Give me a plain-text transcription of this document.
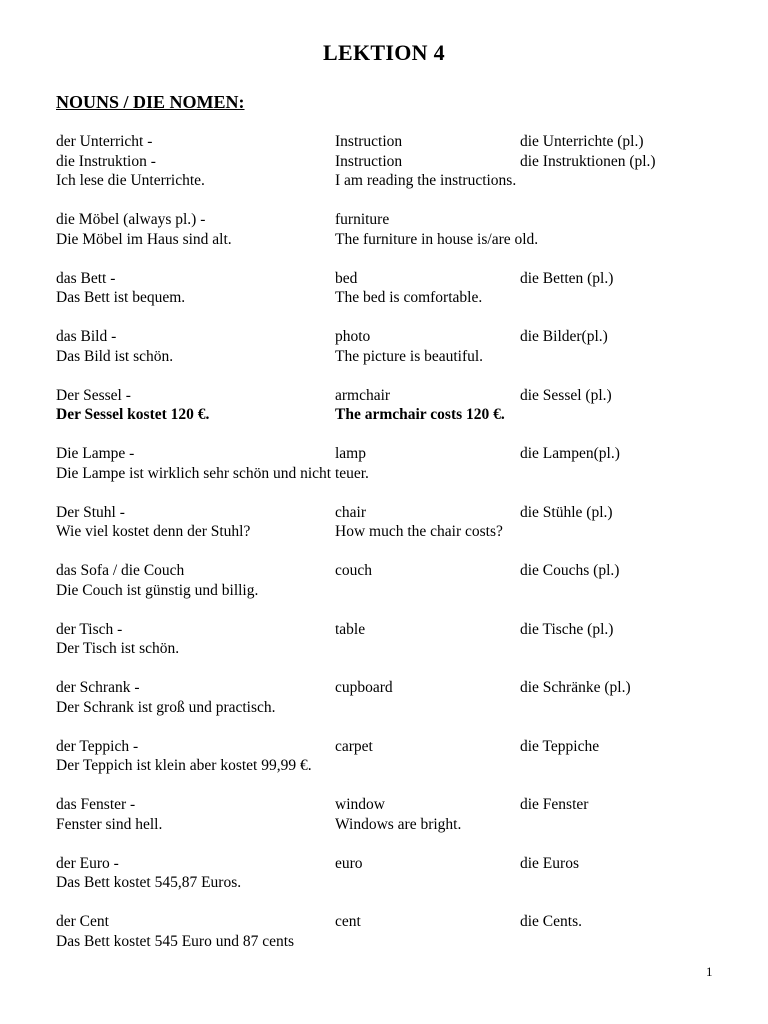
LEKTION 4
NOUNS / DIE NOMEN:
der Unterricht -	Instruction	die Unterrichte (pl.)
die Instruktion -	Instruction	die Instruktionen (pl.)
Ich lese die Unterrichte.	I am reading the instructions.
die Möbel (always pl.) -	furniture
Die Möbel im Haus sind alt.	The furniture in house is/are old.
das Bett -	bed	die Betten (pl.)
Das Bett ist bequem.	The bed is comfortable.
das Bild -	photo	die Bilder(pl.)
Das Bild ist schön.	The picture is beautiful.
Der Sessel -	armchair	die Sessel (pl.)
Der Sessel kostet 120 €.	The armchair costs 120 €.
Die Lampe -	lamp	die Lampen(pl.)
Die Lampe ist wirklich sehr schön und nicht teuer.
Der Stuhl -	chair	die Stühle (pl.)
Wie viel kostet denn der Stuhl?	How much the chair costs?
das Sofa / die Couch	couch	die Couchs (pl.)
Die Couch ist günstig und billig.
der Tisch -	table	die Tische (pl.)
Der Tisch ist schön.
der Schrank -	cupboard	die Schränke (pl.)
Der Schrank ist groß und practisch.
der Teppich -	carpet	die Teppiche
Der Teppich ist klein aber kostet 99,99 €.
das Fenster -	window	die Fenster
Fenster sind hell.	Windows are bright.
der Euro -	euro	die Euros
Das Bett kostet 545,87 Euros.
der Cent	cent	die Cents.
Das Bett kostet 545 Euro und 87 cents
1
